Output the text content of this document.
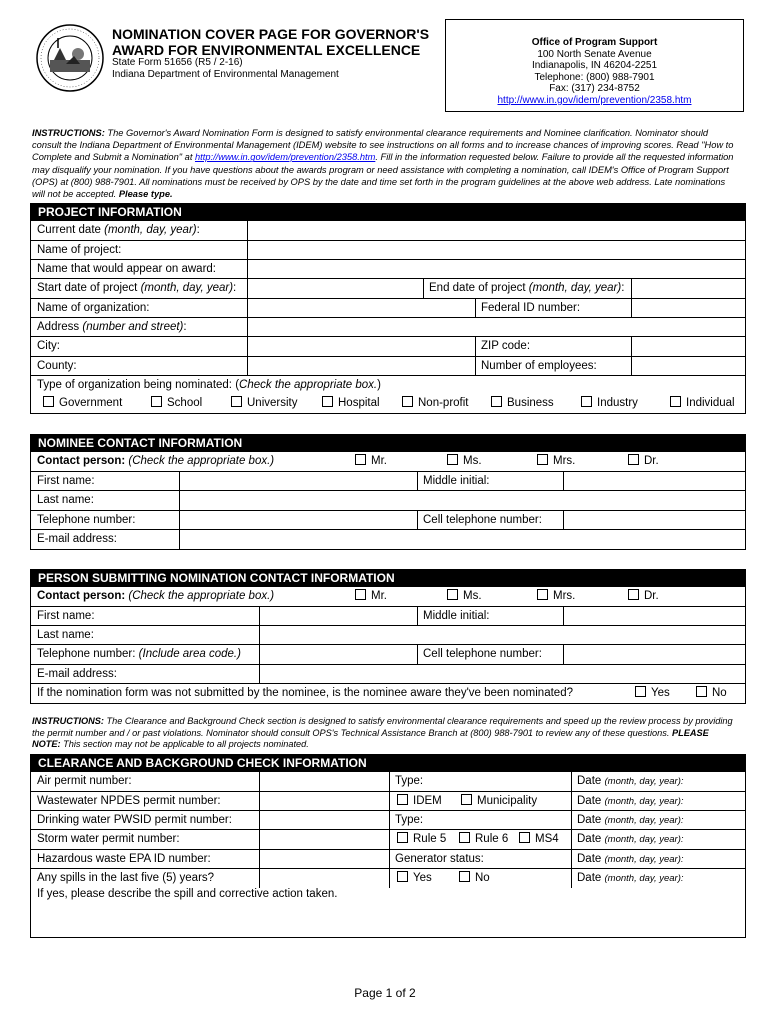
NOMINATION COVER PAGE FOR GOVERNOR'S
AWARD FOR ENVIRONMENTAL EXCELLENCE
State Form 51656 (R5 / 2-16)
Indiana Department of Environmental Management
Office of Program Support
100 North Senate Avenue
Indianapolis, IN 46204-2251
Telephone: (800) 988-7901
Fax: (317) 234-8752
http://www.in.gov/idem/prevention/2358.htm
INSTRUCTIONS: The Governor's Award Nomination Form is designed to satisfy environmental clearance requirements and Nominee clarification. Nominator should consult the Indiana Department of Environmental Management (IDEM) website to see instructions on all forms and to increase chances of improving scores. Read "How to Complete and Submit a Nomination" at http://www.in.gov/idem/prevention/2358.htm. Fill in the information requested below. Failure to provide all the requested information may disqualify your nomination. If you have questions about the awards program or need assistance with completing a nomination, call IDEM's Office of Program Support (OPS) at (800) 988-7901. All nominations must be received by OPS by the date and time set forth in the program guidelines at the above web address. Late nominations will not be accepted. Please type.
PROJECT INFORMATION
Current date (month, day, year):
Name of project:
Name that would appear on award:
Start date of project (month, day, year):	End date of project (month, day, year):
Name of organization:	Federal ID number:
Address (number and street):
City:	ZIP code:
County:	Number of employees:
Type of organization being nominated: (Check the appropriate box.)
Government	School	University	Hospital	Non-profit	Business	Industry	Individual
NOMINEE CONTACT INFORMATION
Contact person: (Check the appropriate box.)	Mr.	Ms.	Mrs.	Dr.
First name:	Middle initial:
Last name:
Telephone number:	Cell telephone number:
E-mail address:
PERSON SUBMITTING NOMINATION CONTACT INFORMATION
Contact person: (Check the appropriate box.)	Mr.	Ms.	Mrs.	Dr.
First name:	Middle initial:
Last name:
Telephone number: (Include area code.)	Cell telephone number:
E-mail address:
If the nomination form was not submitted by the nominee, is the nominee aware they've been nominated?	Yes	No
INSTRUCTIONS: The Clearance and Background Check section is designed to satisfy environmental clearance requirements and speed up the review process by providing the permit number and / or past violations. Nominator should consult OPS's Technical Assistance Branch at (800) 988-7901 to review any of these questions. PLEASE NOTE: This section may not be applicable to all projects nominated.
CLEARANCE AND BACKGROUND CHECK INFORMATION
Air permit number:	Type:	Date (month, day, year):
Wastewater NPDES permit number:	IDEM	Municipality	Date (month, day, year):
Drinking water PWSID permit number:	Type:	Date (month, day, year):
Storm water permit number:	Rule 5	Rule 6	MS4	Date (month, day, year):
Hazardous waste EPA ID number:	Generator status:	Date (month, day, year):
Any spills in the last five (5) years?	Yes	No	Date (month, day, year):
If yes, please describe the spill and corrective action taken.
Page 1 of 2
